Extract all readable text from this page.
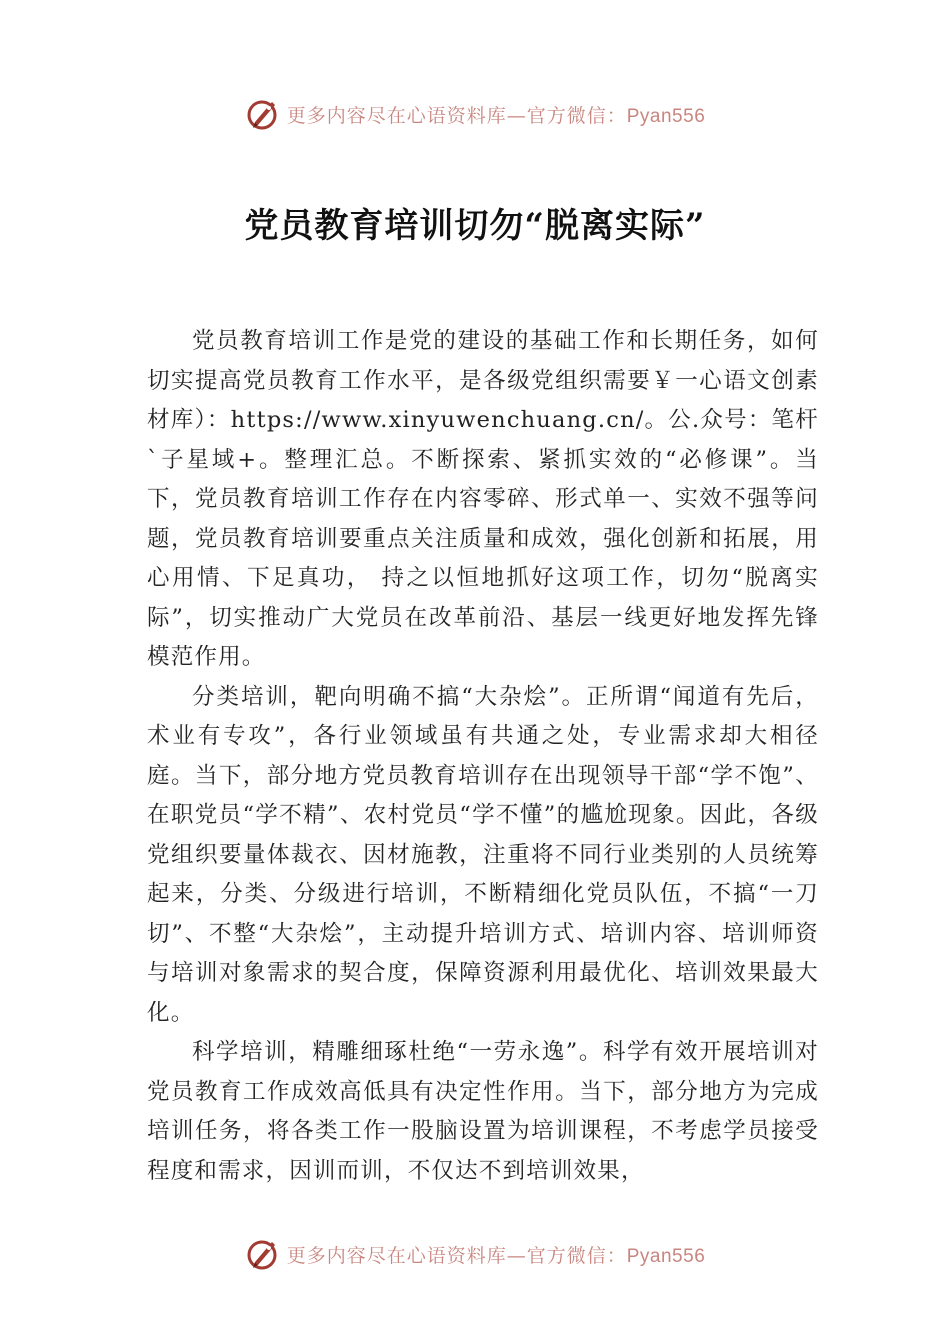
更多内容尽在心语资料库—官方微信：Pyan556
党员教育培训切勿“脱离实际”

党员教育培训工作是党的建设的基础工作和长期任务，如何切实提高党员教育工作水平，是各级党组织需要￥一心语文创素材库）：https://www.xinyuwenchuang.cn/。公.众号：笔杆`子星域+。整理汇总。不断探索、紧抓实效的“必修课”。当下，党员教育培训工作存在内容零碎、形式单一、实效不强等问题，党员教育培训要重点关注质量和成效，强化创新和拓展，用心用情、下足真功， 持之以恒地抓好这项工作，切勿“脱离实际”，切实推动广大党员在改革前沿、基层一线更好地发挥先锋模范作用。

分类培训，靶向明确不搞“大杂烩”。正所谓“闻道有先后，术业有专攻”，各行业领域虽有共通之处，专业需求却大相径庭。当下，部分地方党员教育培训存在出现领导干部“学不饱”、在职党员“学不精”、农村党员“学不懂”的尴尬现象。因此，各级党组织要量体裁衣、因材施教，注重将不同行业类别的人员统筹起来，分类、分级进行培训，不断精细化党员队伍，不搞“一刀切”、不整“大杂烩”，主动提升培训方式、培训内容、培训师资与培训对象需求的契合度，保障资源利用最优化、培训效果最大化。

科学培训，精雕细琢杜绝“一劳永逸”。科学有效开展培训对党员教育工作成效高低具有决定性作用。当下，部分地方为完成培训任务，将各类工作一股脑设置为培训课程，不考虑学员接受程度和需求，因训而训，不仅达不到培训效果，

更多内容尽在心语资料库—官方微信：Pyan556
